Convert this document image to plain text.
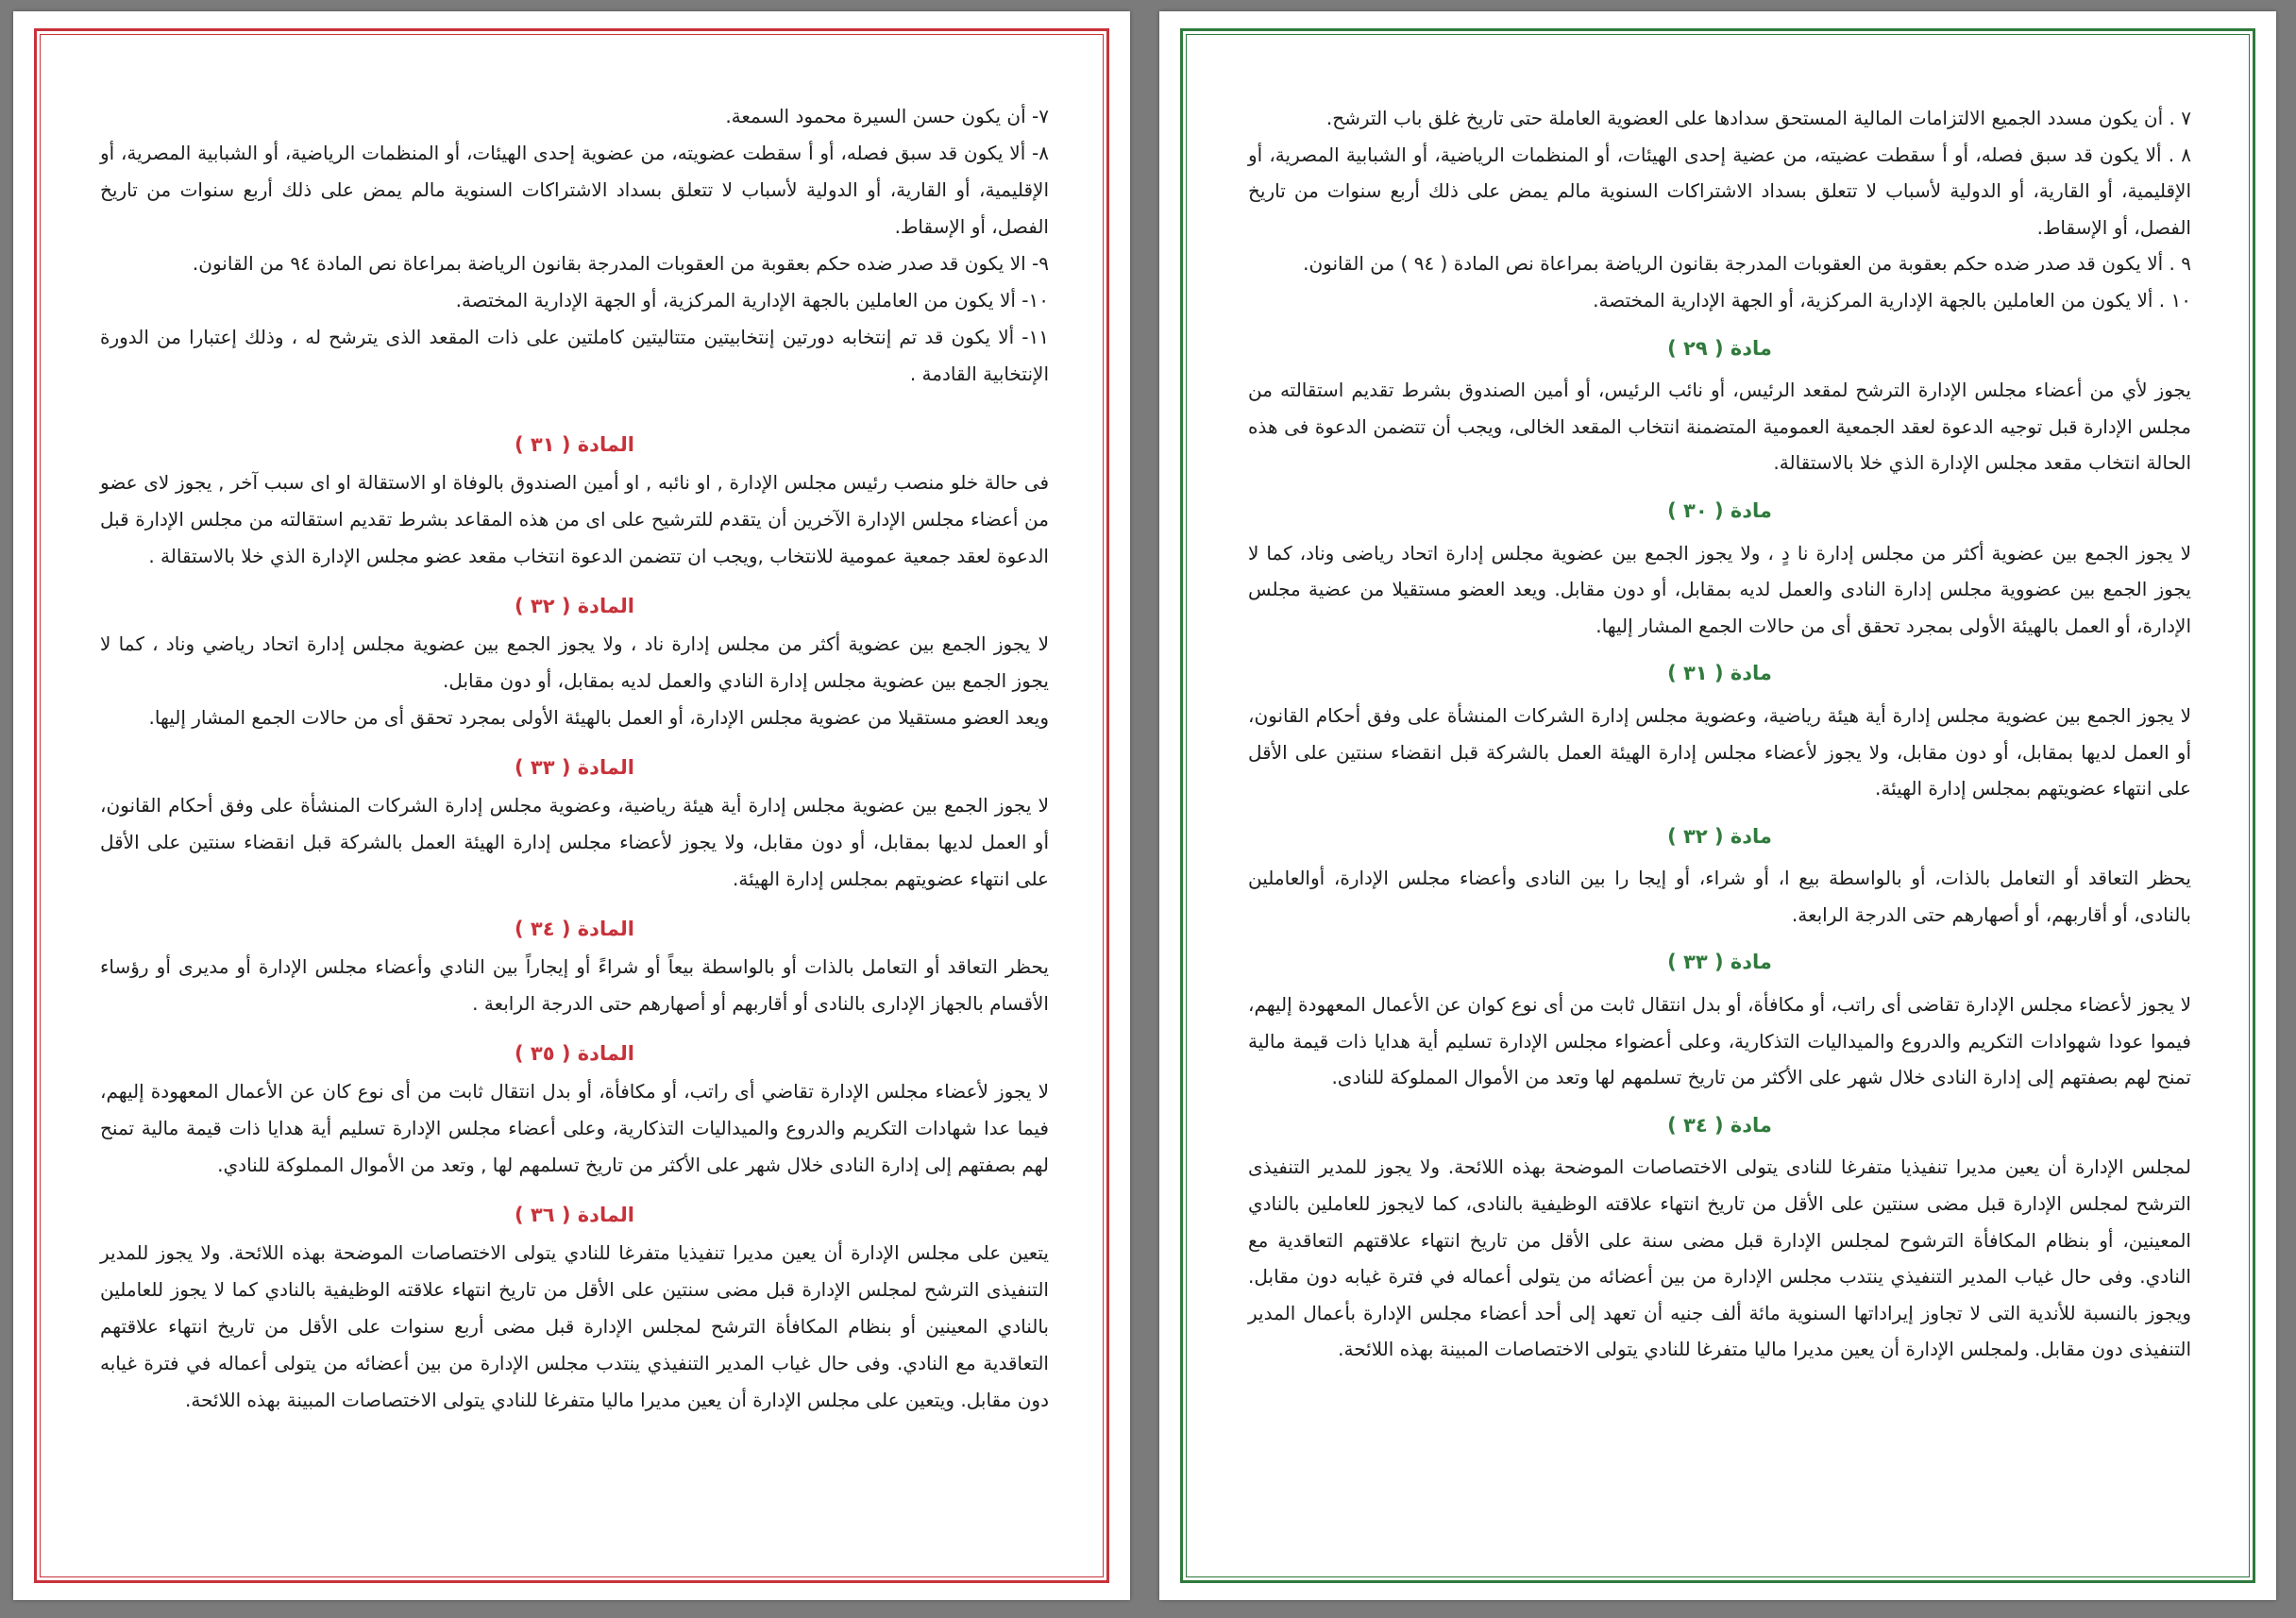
٧- أن يكون حسن السيرة محمود السمعة.

٨- ألا يكون قد سبق فصله، أو أ سقطت عضويته، من عضوية إحدى الهيئات، أو المنظمات الرياضية، أو الشبابية المصرية، أو الإقليمية، أو القارية، أو الدولية لأسباب لا تتعلق بسداد الاشتراكات السنوية مالم يمض على ذلك أربع سنوات من تاريخ الفصل، أو الإسقاط.

٩- الا يكون قد صدر ضده حكم بعقوبة من العقوبات المدرجة بقانون الرياضة بمراعاة نص المادة ٩٤ من القانون.

١٠- ألا يكون من العاملين بالجهة الإدارية المركزية، أو الجهة الإدارية المختصة.

١١- ألا يكون قد تم إنتخابه دورتين إنتخابيتين متتاليتين كاملتين على ذات المقعد الذى يترشح له ، وذلك إعتبارا من الدورة الإنتخابية القادمة .

المادة ( ٣١ )

فى حالة خلو منصب رئيس مجلس الإدارة , او نائبه , او أمين الصندوق بالوفاة او الاستقالة او اى سبب آخر , يجوز لاى عضو من أعضاء مجلس الإدارة الآخرين أن يتقدم للترشيح على اى من هذه المقاعد بشرط تقديم استقالته من مجلس الإدارة قبل الدعوة لعقد جمعية عمومية للانتخاب ,ويجب ان تتضمن الدعوة انتخاب مقعد عضو مجلس الإدارة الذي خلا بالاستقالة .

المادة ( ٣٢ )

لا يجوز الجمع بين عضوية أكثر من مجلس إدارة ناد ، ولا يجوز الجمع بين عضوية مجلس إدارة اتحاد رياضي وناد ، كما لا يجوز الجمع بين عضوية مجلس إدارة النادي والعمل لديه بمقابل، أو دون مقابل.

ويعد العضو مستقيلا من عضوية مجلس الإدارة، أو العمل بالهيئة الأولى بمجرد تحقق أى من حالات الجمع المشار إليها.

المادة ( ٣٣ )

لا يجوز الجمع بين عضوية مجلس إدارة أية هيئة رياضية، وعضوية مجلس إدارة الشركات المنشأة على وفق أحكام القانون، أو العمل لديها بمقابل، أو دون مقابل، ولا يجوز لأعضاء مجلس إدارة الهيئة العمل بالشركة قبل انقضاء سنتين على الأقل على انتهاء عضويتهم بمجلس إدارة الهيئة.

المادة ( ٣٤ )

يحظر التعاقد أو التعامل بالذات أو بالواسطة بيعاً أو شراءً أو إيجاراً بين النادي وأعضاء مجلس الإدارة أو مديرى أو رؤساء الأقسام بالجهاز الإدارى بالنادى أو أقاربهم أو أصهارهم حتى الدرجة الرابعة .

المادة ( ٣٥ )

لا يجوز لأعضاء مجلس الإدارة تقاضي أى راتب، أو مكافأة، أو بدل انتقال ثابت من أى نوع كان عن الأعمال المعهودة إليهم، فيما عدا شهادات التكريم والدروع والميداليات التذكارية، وعلى أعضاء مجلس الإدارة تسليم أية هدايا ذات قيمة مالية تمنح لهم بصفتهم إلى إدارة النادى خلال شهر على الأكثر من تاريخ تسلمهم لها , وتعد من الأموال المملوكة للنادي.

المادة ( ٣٦ )

يتعين على مجلس الإدارة أن يعين مديرا تنفيذيا متفرغا للنادي يتولى الاختصاصات الموضحة بهذه اللائحة. ولا يجوز للمدير التنفيذى الترشح لمجلس الإدارة قبل مضى سنتين على الأقل من تاريخ انتهاء علاقته الوظيفية بالنادي كما لا يجوز للعاملين بالنادي المعينين أو بنظام المكافأة الترشح لمجلس الإدارة قبل مضى أربع سنوات على الأقل من تاريخ انتهاء علاقتهم التعاقدية مع النادي. وفى حال غياب المدير التنفيذي ينتدب مجلس الإدارة من بين أعضائه من يتولى أعماله في فترة غيابه دون مقابل. ويتعين على مجلس الإدارة أن يعين مديرا ماليا متفرغا للنادي يتولى الاختصاصات المبينة بهذه اللائحة.

٧ . أن يكون مسدد الجميع الالتزامات المالية المستحق سدادها على العضوية العاملة حتى تاريخ غلق باب الترشح.

٨ . ألا يكون قد سبق فصله، أو أ سقطت عضيته، من عضية إحدى الهيئات، أو المنظمات الرياضية، أو الشبابية المصرية، أو الإقليمية، أو القارية، أو الدولية لأسباب لا تتعلق بسداد الاشتراكات السنوية مالم يمض على ذلك أربع سنوات من تاريخ الفصل، أو الإسقاط.

٩ . ألا يكون قد صدر ضده حكم بعقوبة من العقوبات المدرجة بقانون الرياضة بمراعاة نص المادة ( ٩٤ ) من القانون.

١٠ . ألا يكون من العاملين بالجهة الإدارية المركزية، أو الجهة الإدارية المختصة.

مادة ( ٢٩ )

يجوز لأي من أعضاء مجلس الإدارة الترشح لمقعد الرئيس، أو نائب الرئيس، أو أمين الصندوق بشرط تقديم استقالته من مجلس الإدارة قبل توجيه الدعوة لعقد الجمعية العمومية المتضمنة انتخاب المقعد الخالى، ويجب أن تتضمن الدعوة فى هذه الحالة انتخاب مقعد مجلس الإدارة الذي خلا بالاستقالة.

مادة ( ٣٠ )

لا يجوز الجمع بين عضوية أكثر من مجلس إدارة نا دٍ ، ولا يجوز الجمع بين عضوية مجلس إدارة اتحاد رياضى وناد، كما لا يجوز الجمع بين عضووية مجلس إدارة النادى والعمل لديه بمقابل، أو دون مقابل. ويعد العضو مستقيلا من عضية مجلس الإدارة، أو العمل بالهيئة الأولى بمجرد تحقق أى من حالات الجمع المشار إليها.

مادة ( ٣١ )

لا يجوز الجمع بين عضوية مجلس إدارة أية هيئة رياضية، وعضوية مجلس إدارة الشركات المنشأة على وفق أحكام القانون، أو العمل لديها بمقابل، أو دون مقابل، ولا يجوز لأعضاء مجلس إدارة الهيئة العمل بالشركة قبل انقضاء سنتين على الأقل على انتهاء عضويتهم بمجلس إدارة الهيئة.

مادة ( ٣٢ )

يحظر التعاقد أو التعامل بالذات، أو بالواسطة بيع ا، أو شراء، أو إيجا را بين النادى وأعضاء مجلس الإدارة، أوالعاملين بالنادى، أو أقاربهم، أو أصهارهم حتى الدرجة الرابعة.

مادة ( ٣٣ )

لا يجوز لأعضاء مجلس الإدارة تقاضى أى راتب، أو مكافأة، أو بدل انتقال ثابت من أى نوع كوان عن الأعمال المعهودة إليهم، فيموا عودا شهوادات التكريم والدروع والميداليات التذكارية، وعلى أعضواء مجلس الإدارة تسليم أية هدايا ذات قيمة مالية تمنح لهم بصفتهم إلى إدارة النادى خلال شهر على الأكثر من تاريخ تسلمهم لها وتعد من الأموال المملوكة للنادى.

مادة ( ٣٤ )

لمجلس الإدارة أن يعين مديرا تنفيذيا متفرغا للنادى يتولى الاختصاصات الموضحة بهذه اللائحة. ولا يجوز للمدير التنفيذى الترشح لمجلس الإدارة قبل مضى سنتين على الأقل من تاريخ انتهاء علاقته الوظيفية بالنادى، كما لايجوز للعاملين بالنادي المعينين، أو بنظام المكافأة الترشوح لمجلس الإدارة قبل مضى سنة على الأقل من تاريخ انتهاء علاقتهم التعاقدية مع النادي. وفى حال غياب المدير التنفيذي ينتدب مجلس الإدارة من بين أعضائه من يتولى أعماله في فترة غيابه دون مقابل. ويجوز بالنسبة للأندية التى لا تجاوز إيراداتها السنوية مائة ألف جنيه أن تعهد إلى أحد أعضاء مجلس الإدارة بأعمال المدير التنفيذى دون مقابل. ولمجلس الإدارة أن يعين مديرا ماليا متفرغا للنادي يتولى الاختصاصات المبينة بهذه اللائحة.
